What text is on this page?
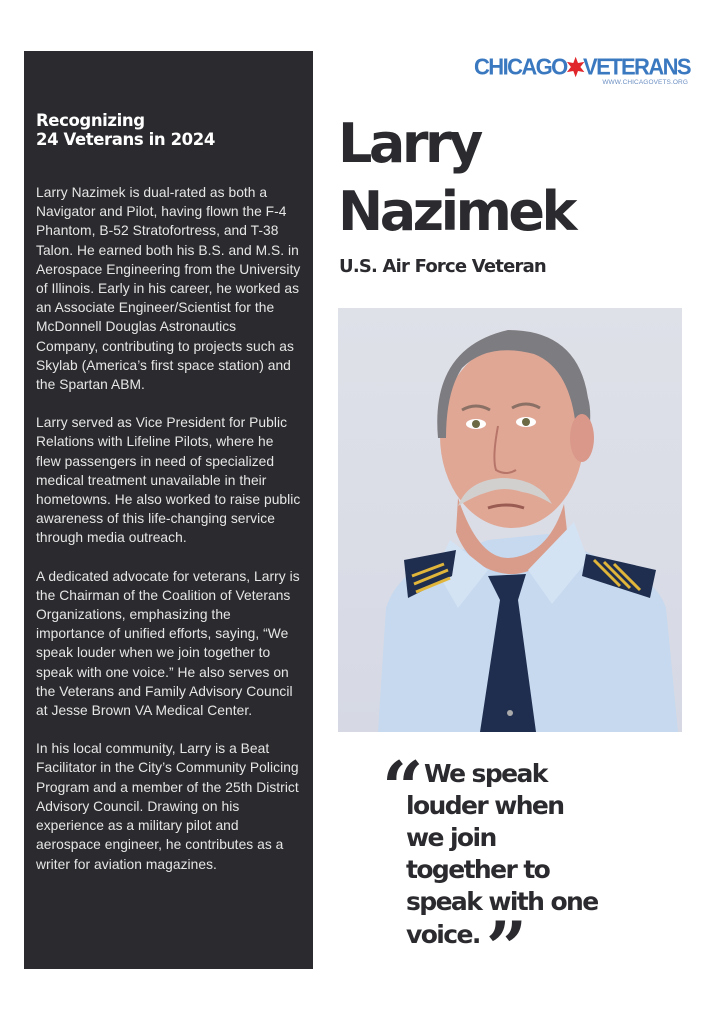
Recognizing
24 Veterans in 2024

Larry Nazimek is dual-rated as both a Navigator and Pilot, having flown the F-4 Phantom, B-52 Stratofortress, and T-38 Talon. He earned both his B.S. and M.S. in Aerospace Engineering from the University of Illinois. Early in his career, he worked as an Associate Engineer/Scientist for the McDonnell Douglas Astronautics Company, contributing to projects such as Skylab (America’s first space station) and the Spartan ABM.

Larry served as Vice President for Public Relations with Lifeline Pilots, where he flew passengers in need of specialized medical treatment unavailable in their hometowns. He also worked to raise public awareness of this life-changing service through media outreach.

A dedicated advocate for veterans, Larry is the Chairman of the Coalition of Veterans Organizations, emphasizing the importance of unified efforts, saying, “We speak louder when we join together to speak with one voice.” He also serves on the Veterans and Family Advisory Council at Jesse Brown VA Medical Center.

In his local community, Larry is a Beat Facilitator in the City’s Community Policing Program and a member of the 25th District Advisory Council. Drawing on his experience as a military pilot and aerospace engineer, he contributes as a writer for aviation magazines.

CHICAGO VETERANS
WWW.CHICAGOVETS.ORG
Larry
Nazimek
U.S. Air Force Veteran
“ We speak
louder when
we join
together to
speak with one
voice.”
